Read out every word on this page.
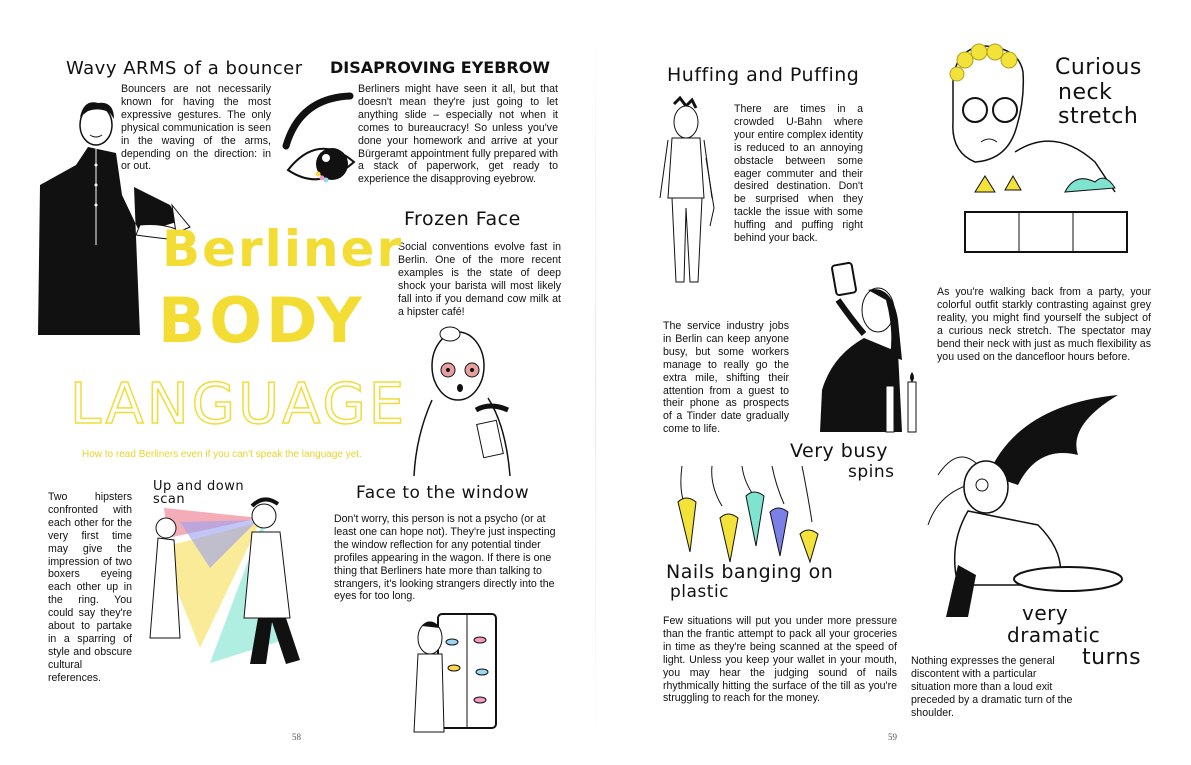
Wavy ARMS of a bouncer

Bouncers are not necessarily known for having the most expressive gestures. The only physical communication is seen in the waving of the arms, depending on the direction: in or out.

DISAPROVING EYEBROW

Berliners might have seen it all, but that doesn't mean they're just going to let anything slide – especially not when it comes to bureaucracy! So unless you've done your homework and arrive at your Bürgeramt appointment fully prepared with a stack of paperwork, get ready to experience the disapproving eyebrow.

Frozen Face

Social conventions evolve fast in Berlin. One of the more recent examples is the state of deep shock your barista will most likely fall into if you demand cow milk at a hipster café!

Berliner
BODY
LANGUAGE
How to read Berliners even if you can't speak the language yet.

Two hipsters confronted with each other for the very first time may give the impression of two boxers eyeing each other up in the ring. You could say they're about to partake in a sparring of style and obscure cultural references.

Up and down scan	Face to the window

Don't worry, this person is not a psycho (or at least one can hope not). They're just inspecting the window reflection for any potential tinder profiles appearing in the wagon. If there is one thing that Berliners hate more than talking to strangers, it's looking strangers directly into the eyes for too long.

58
Huffing and Puffing

There are times in a crowded U-Bahn where your entire complex identity is reduced to an annoying obstacle between some eager commuter and their desired destination. Don't be surprised when they tackle the issue with some huffing and puffing right behind your back.

Curious
neck
stretch

As you're walking back from a party, your colorful outfit starkly contrasting against grey reality, you might find yourself the subject of a curious neck stretch. The spectator may bend their neck with just as much flexibility as you used on the dancefloor hours before.

The service industry jobs in Berlin can keep anyone busy, but some workers manage to really go the extra mile, shifting their attention from a guest to their phone as prospects of a Tinder date gradually come to life.

Very busy
spins
Nails banging on
plastic

Few situations will put you under more pressure than the frantic attempt to pack all your groceries in time as they're being scanned at the speed of light. Unless you keep your wallet in your mouth, you may hear the judging sound of nails rhythmically hitting the surface of the till as you're struggling to reach for the money.

very
dramatic
turns

Nothing expresses the general discontent with a particular situation more than a loud exit preceded by a dramatic turn of the shoulder.

59
